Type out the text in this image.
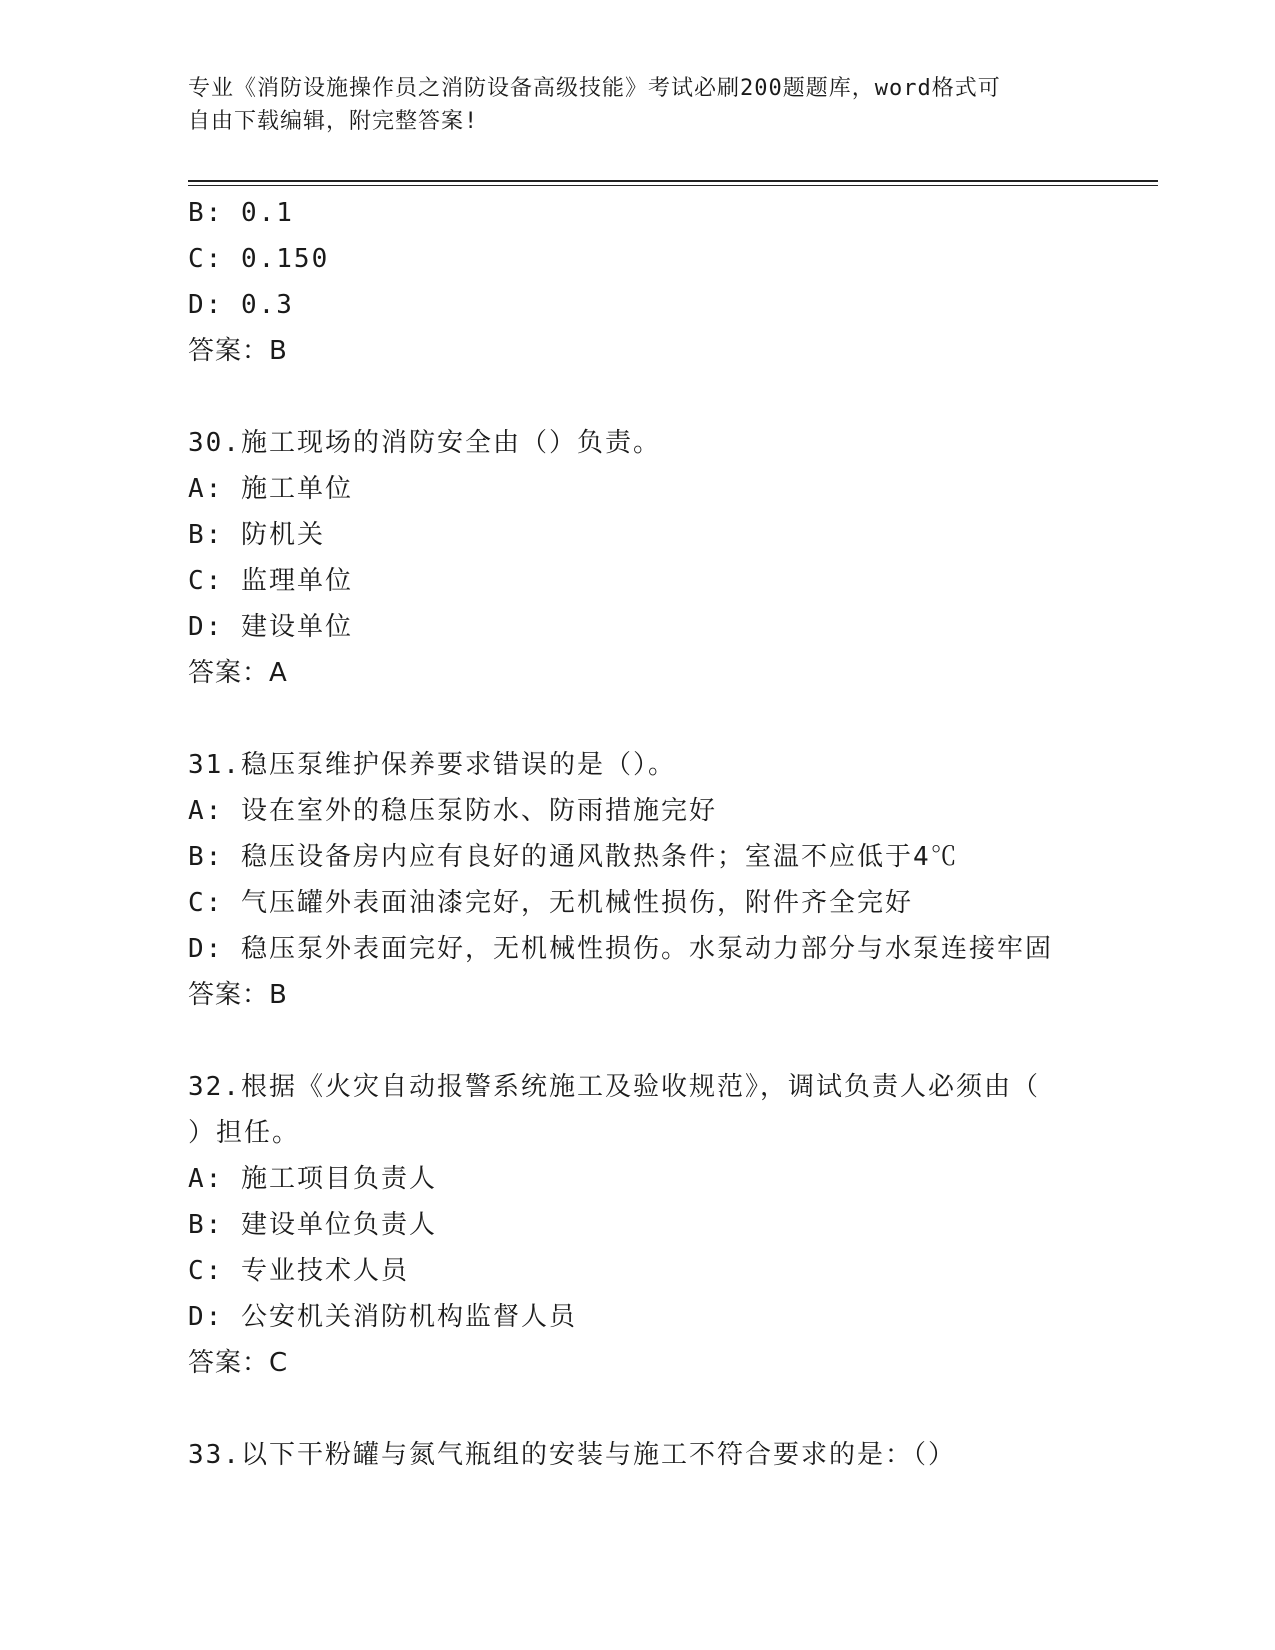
专业《消防设施操作员之消防设备高级技能》考试必刷200题题库，word格式可
自由下载编辑，附完整答案!
B: 0.1
C: 0.150
D: 0.3
答案：B
30.施工现场的消防安全由（）负责。
A: 施工单位
B: 防机关
C: 监理单位
D: 建设单位
答案：A
31.稳压泵维护保养要求错误的是（）。
A: 设在室外的稳压泵防水、防雨措施完好
B: 稳压设备房内应有良好的通风散热条件；室温不应低于4℃
C: 气压罐外表面油漆完好，无机械性损伤，附件齐全完好
D: 稳压泵外表面完好，无机械性损伤。水泵动力部分与水泵连接牢固
答案：B
32.根据《火灾自动报警系统施工及验收规范》，调试负责人必须由（
）担任。
A: 施工项目负责人
B: 建设单位负责人
C: 专业技术人员
D: 公安机关消防机构监督人员
答案：C
33.以下干粉罐与氮气瓶组的安装与施工不符合要求的是：（）
